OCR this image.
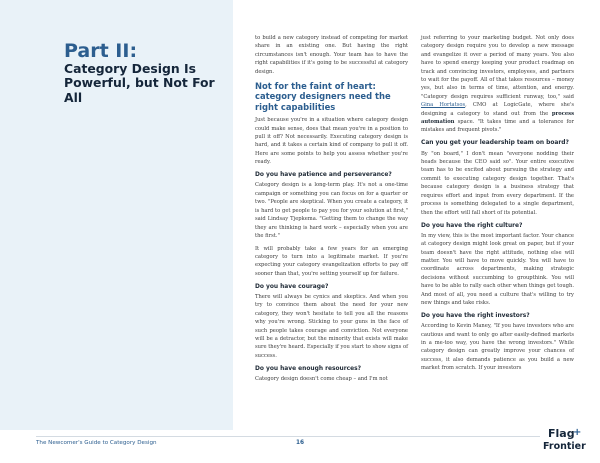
Part II:
Category Design Is Powerful, but Not For All

to build a new category instead of competing for market share in an existing one. But having the right circumstances isn't enough. Your team has to have the right capabilities if it's going to be successful at category design.

Not for the faint of heart: category designers need the right capabilities

Just because you're in a situation where category design could make sense, does that mean you're in a position to pull it off? Not necessarily. Executing category design is hard, and it takes a certain kind of company to pull it off. Here are some points to help you assess whether you're ready.

Do you have patience and perseverance?

Category design is a long-term play. It's not a one-time campaign or something you can focus on for a quarter or two. "People are skeptical. When you create a category, it is hard to get people to pay you for your solution at first," said Lindsay Tjepkema. "Getting them to change the way they are thinking is hard work – especially when you are the first."

It will probably take a few years for an emerging category to turn into a legitimate market. If you're expecting your category evangelization efforts to pay off sooner than that, you're setting yourself up for failure.

Do you have courage?

There will always be cynics and skeptics. And when you try to convince them about the need for your new category, they won't hesitate to tell you all the reasons why you're wrong. Sticking to your guns in the face of such people takes courage and conviction. Not everyone will be a detractor, but the minority that exists will make sure they're heard. Especially if you start to show signs of success.

Do you have enough resources?

Category design doesn't come cheap – and I'm not

just referring to your marketing budget. Not only does category design require you to develop a new message and evangelize it over a period of many years. You also have to spend energy keeping your product roadmap on track and convincing investors, employees, and partners to wait for the payoff. All of that takes resources – money yes, but also in terms of time, attention, and energy. "Category design requires sufficient runway, too," said Gina Hortatsos, CMO at LogicGate, where she's designing a category to stand out from the process automation space. "It takes time and a tolerance for mistakes and frequent pivots."

Can you get your leadership team on board?

By "on board," I don't mean "everyone nodding their heads because the CEO said so". Your entire executive team has to be excited about pursuing the strategy and commit to executing category design together. That's because category design is a business strategy that requires effort and input from every department. If the process is something delegated to a single department, then the effort will fall short of its potential.

Do you have the right culture?

In my view, this is the most important factor. Your chance at category design might look great on paper, but if your team doesn't have the right attitude, nothing else will matter. You will have to move quickly. You will have to coordinate across departments, making strategic decisions without succumbing to groupthink. You will have to be able to rally each other when things get tough. And most of all, you need a culture that's willing to try new things and take risks.

Do you have the right investors?

According to Kevin Maney, "If you have investors who are cautious and want to only go after easily-defined markets in a me-too way, you have the wrong investors." While category design can greatly improve your chances of success, it also demands patience as you build a new market from scratch. If your investors

The Newcomer's Guide to Category Design	16
Flag
+
Frontier
